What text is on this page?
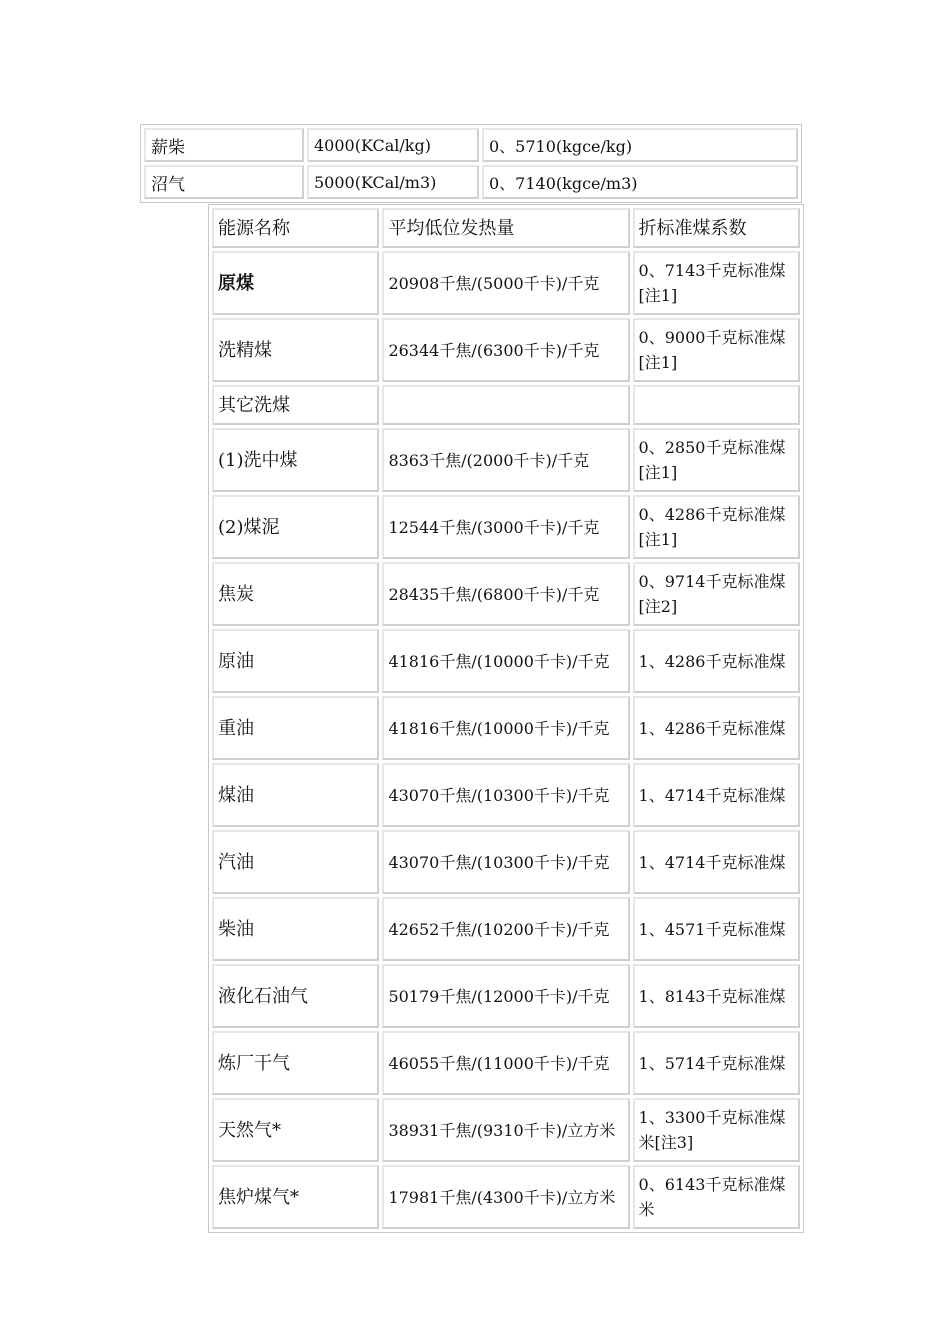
薪柴	4000(KCal/kg)	0、5710(kgce/kg)
沼气	5000(KCal/m3)	0、7140(kgce/m3)
能源名称	平均低位发热量	折标准煤系数
原煤	20908千焦/(5000千卡)/千克	0、7143千克标准煤[注1]
洗精煤	26344千焦/(6300千卡)/千克	0、9000千克标准煤[注1]
其它洗煤		
(1)洗中煤	8363千焦/(2000千卡)/千克	0、2850千克标准煤[注1]
(2)煤泥	12544千焦/(3000千卡)/千克	0、4286千克标准煤[注1]
焦炭	28435千焦/(6800千卡)/千克	0、9714千克标准煤[注2]
原油	41816千焦/(10000千卡)/千克	1、4286千克标准煤
重油	41816千焦/(10000千卡)/千克	1、4286千克标准煤
煤油	43070千焦/(10300千卡)/千克	1、4714千克标准煤
汽油	43070千焦/(10300千卡)/千克	1、4714千克标准煤
柴油	42652千焦/(10200千卡)/千克	1、4571千克标准煤
液化石油气	50179千焦/(12000千卡)/千克	1、8143千克标准煤
炼厂干气	46055千焦/(11000千卡)/千克	1、5714千克标准煤
天然气*	38931千焦/(9310千卡)/立方米	1、3300千克标准煤米[注3]
焦炉煤气*	17981千焦/(4300千卡)/立方米	0、6143千克标准煤米
